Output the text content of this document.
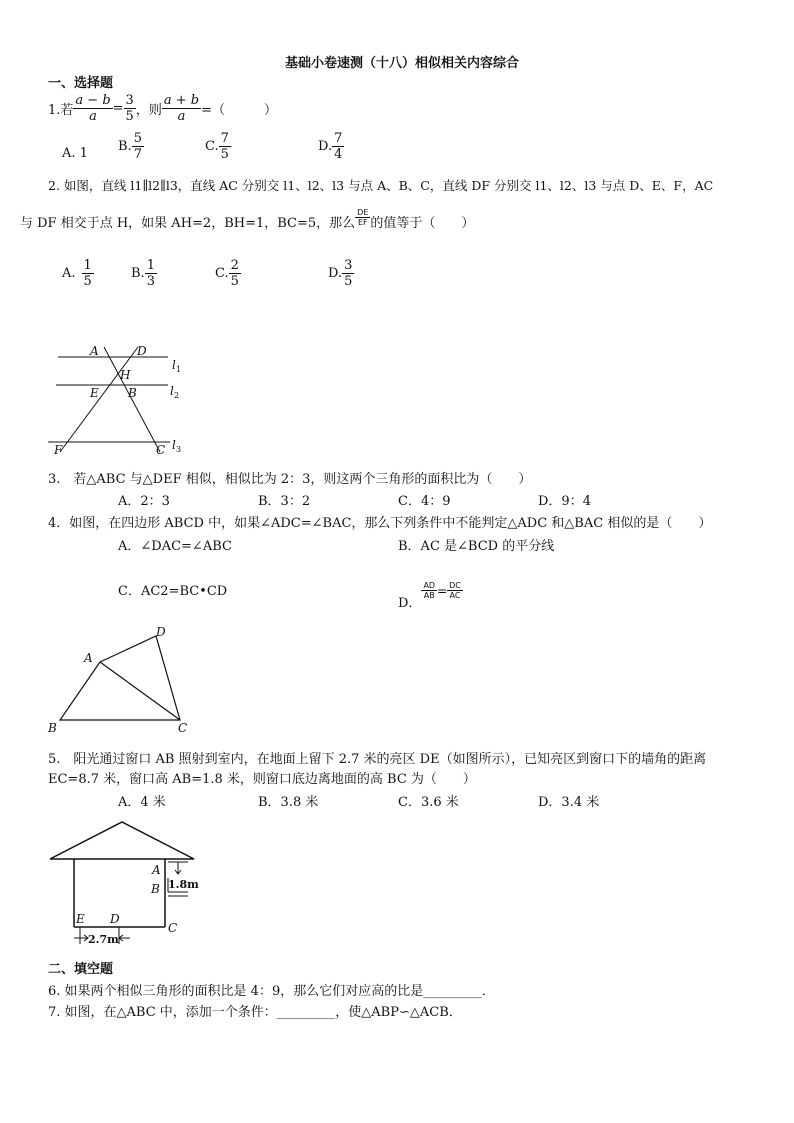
基础小卷速测（十八）相似相关内容综合
一、选择题
1.若 $\frac{a - b}{a} = \frac{3}{5}$ ，则 $\frac{a + b}{a}$ =（　　　）
A. 1 B. $\frac{5}{7}$	C. $\frac{7}{5}$	D. $\frac{7}{4}$
2. 如图，直线 l1∥l2∥l3，直线 AC 分别交 l1、l2、l3 与点 A、B、C，直线 DF 分别交 l1、l2、l3 与点 D、E、F，AC
与 DF 相交于点 H，如果 AH=2，BH=1，BC=5，那么 $\frac{DE}{EF}$ 的值等于（　　）
A. $\frac{1}{5}$	B. $\frac{1}{3}$	C. $\frac{2}{5}$	D. $\frac{3}{5}$
A	D
H
E B
F	C
l 1
l 2
l 3
3.　若△ABC 与△DEF 相似，相似比为 2：3，则这两个三角形的面积比为（　　）
A．2：3	B．3：2	C．4：9	D．9：4
4．如图，在四边形 ABCD 中，如果∠ADC=∠BAC，那么下列条件中不能判定△ADC 和△BAC 相似的是（　　）
A．∠DAC=∠ABC	B．AC 是∠BCD 的平分线
C．AC2=BC•CD
D．
$\frac{AD}{AB} = \frac{DC}{AC}$
A
D
B	C
5.　阳光通过窗口 AB 照射到室内，在地面上留下 2.7 米的亮区 DE（如图所示），已知亮区到窗口下的墙角的距离
EC=8.7 米，窗口高 AB=1.8 米，则窗口底边离地面的高 BC 为（　　）
A．4 米	B．3.8 米	C．3.6 米	D．3.4 米
A
B
C
D
E
1.8m
2.7m
二、填空题
6. 如果两个相似三角形的面积比是 4：9，那么它们对应高的比是_________．
7. 如图，在△ABC 中，添加一个条件：_________，使△ABP∽△ACB．
